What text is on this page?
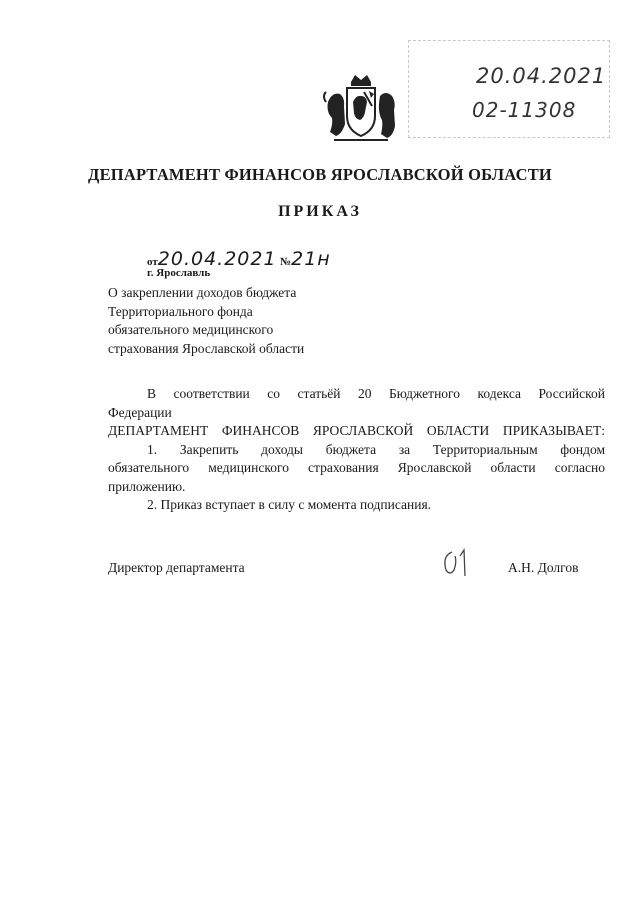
20.04.2021
02-11308
ДЕПАРТАМЕНТ ФИНАНСОВ ЯРОСЛАВСКОЙ ОБЛАСТИ
ПРИКАЗ
от20.04.2021 №21н
г. Ярославль
О закреплении доходов бюджета
Территориального фонда
обязательного медицинского
страхования Ярославской области

В соответствии со статьёй 20 Бюджетного кодекса Российской

Федерации

ДЕПАРТАМЕНТ ФИНАНСОВ ЯРОСЛАВСКОЙ ОБЛАСТИ ПРИКАЗЫВАЕТ:

1. Закрепить доходы бюджета за Территориальным фондом

обязательного медицинского страхования Ярославской области согласно

приложению.

2. Приказ вступает в силу с момента подписания.

Директор департамента	А.Н. Долгов
